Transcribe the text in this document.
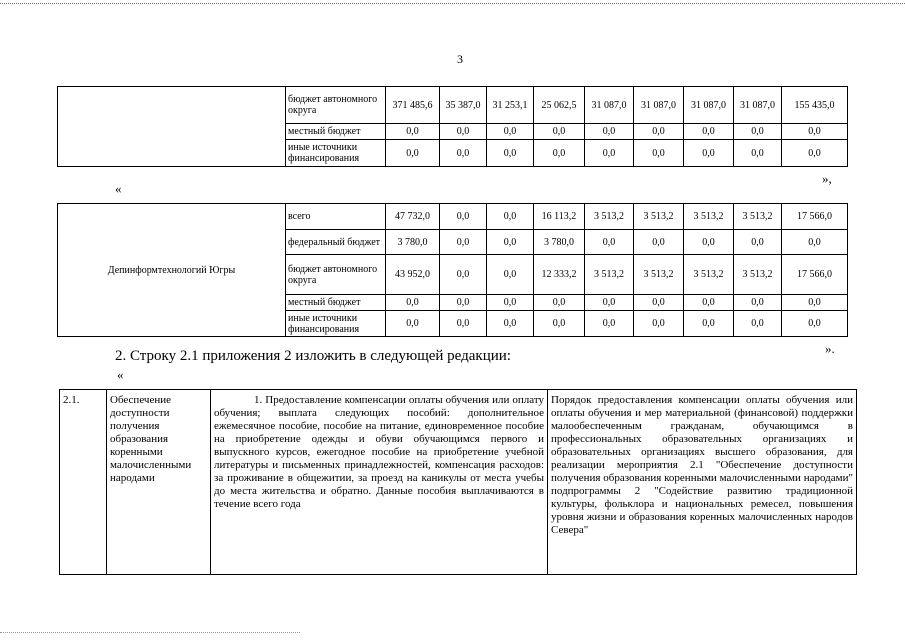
3
	бюджет автономного округа	371 485,6	35 387,0	31 253,1	25 062,5	31 087,0	31 087,0	31 087,0	31 087,0	155 435,0
	местный бюджет	0,0	0,0	0,0	0,0	0,0	0,0	0,0	0,0	0,0
	иные источники финансирования	0,0	0,0	0,0	0,0	0,0	0,0	0,0	0,0	0,0
«
»,
Депинформтехнологий Югры	всего	47 732,0	0,0	0,0	16 113,2	3 513,2	3 513,2	3 513,2	3 513,2	17 566,0
	федеральный бюджет	3 780,0	0,0	0,0	3 780,0	0,0	0,0	0,0	0,0	0,0
	бюджет автономного округа	43 952,0	0,0	0,0	12 333,2	3 513,2	3 513,2	3 513,2	3 513,2	17 566,0
	местный бюджет	0,0	0,0	0,0	0,0	0,0	0,0	0,0	0,0	0,0
	иные источники финансирования	0,0	0,0	0,0	0,0	0,0	0,0	0,0	0,0	0,0
».
2. Строку 2.1 приложения 2 изложить в следующей редакции:
«
2.1.	Обеспечение доступности получения образования коренными малочисленными народами	1. Предоставление компенсации оплаты обучения или оплату обучения; выплата следующих пособий: дополнительное ежемесячное пособие, пособие на питание, единовременное пособие на приобретение одежды и обуви обучающимся первого и выпускного курсов, ежегодное пособие на приобретение учебной литературы и письменных принадлежностей, компенсация расходов: за проживание в общежитии, за проезд на каникулы от места учебы до места жительства и обратно. Данные пособия выплачиваются в течение всего года	Порядок предоставления компенсации оплаты обучения или оплаты обучения и мер материальной (финансовой) поддержки малообеспеченным гражданам, обучающимся в профессиональных образовательных организациях и образовательных организациях высшего образования, для реализации мероприятия 2.1 "Обеспечение доступности получения образования коренными малочисленными народами" подпрограммы 2 "Содействие развитию традиционной культуры, фольклора и национальных ремесел, повышения уровня жизни и образования коренных малочисленных народов Севера"
